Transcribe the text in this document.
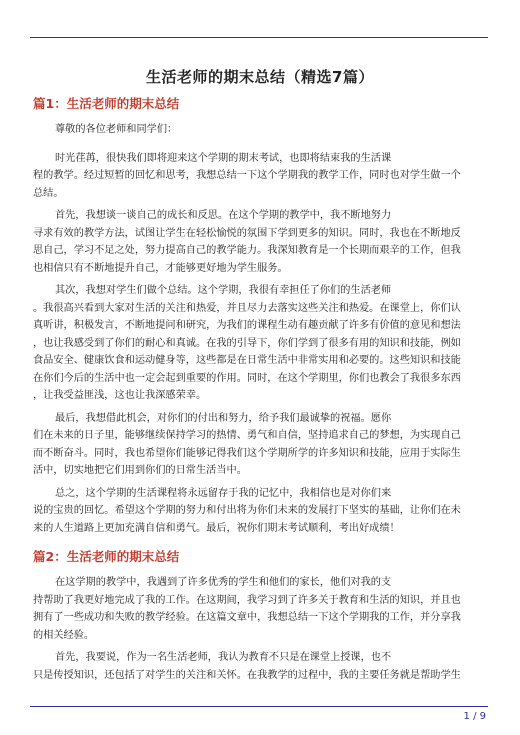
生活老师的期末总结（精选7篇）
篇1：生活老师的期末总结
尊敬的各位老师和同学们：
时光荏苒，很快我们即将迎来这个学期的期末考试，也即将结束我的生活课
程的教学。经过短暂的回忆和思考，我想总结一下这个学期我的教学工作，同时也对学生做一个
总结。
首先，我想谈一谈自己的成长和反思。在这个学期的教学中，我不断地努力
寻求有效的教学方法，试图让学生在轻松愉悦的氛围下学到更多的知识。同时，我也在不断地反
思自己，学习不足之处，努力提高自己的教学能力。我深知教育是一个长期而艰辛的工作，但我
也相信只有不断地提升自己，才能够更好地为学生服务。
其次，我想对学生们做个总结。这个学期，我很有幸担任了你们的生活老师
。我很高兴看到大家对生活的关注和热爱，并且尽力去落实这些关注和热爱。在课堂上，你们认
真听讲，积极发言，不断地提问和研究，为我们的课程生动有趣贡献了许多有价值的意见和想法
，也让我感受到了你们的耐心和真诚。在我的引导下，你们学到了很多有用的知识和技能，例如
食品安全、健康饮食和运动健身等，这些都是在日常生活中非常实用和必要的。这些知识和技能
在你们今后的生活中也一定会起到重要的作用。同时，在这个学期里，你们也教会了我很多东西
，让我受益匪浅，这也让我深感荣幸。
最后，我想借此机会，对你们的付出和努力，给予我们最诚挚的祝福。愿你
们在未来的日子里，能够继续保持学习的热情、勇气和自信，坚持追求自己的梦想，为实现自己
而不断奋斗。同时，我也希望你们能够记得我们这个学期所学的许多知识和技能，应用于实际生
活中，切实地把它们用到你们的日常生活当中。
总之，这个学期的生活课程将永远留存于我的记忆中，我相信也是对你们来
说的宝贵的回忆。希望这个学期的努力和付出将为你们未来的发展打下坚实的基础，让你们在未
来的人生道路上更加充满自信和勇气。最后，祝你们期末考试顺利，考出好成绩！
篇2：生活老师的期末总结
在这学期的教学中，我遇到了许多优秀的学生和他们的家长，他们对我的支
持帮助了我更好地完成了我的工作。在这期间，我学习到了许多关于教育和生活的知识，并且也
拥有了一些成功和失败的教学经验。在这篇文章中，我想总结一下这个学期我的工作，并分享我
的相关经验。
首先，我要说，作为一名生活老师，我认为教育不只是在课堂上授课，也不
只是传授知识，还包括了对学生的关注和关怀。在我教学的过程中，我的主要任务就是帮助学生
1 / 9
